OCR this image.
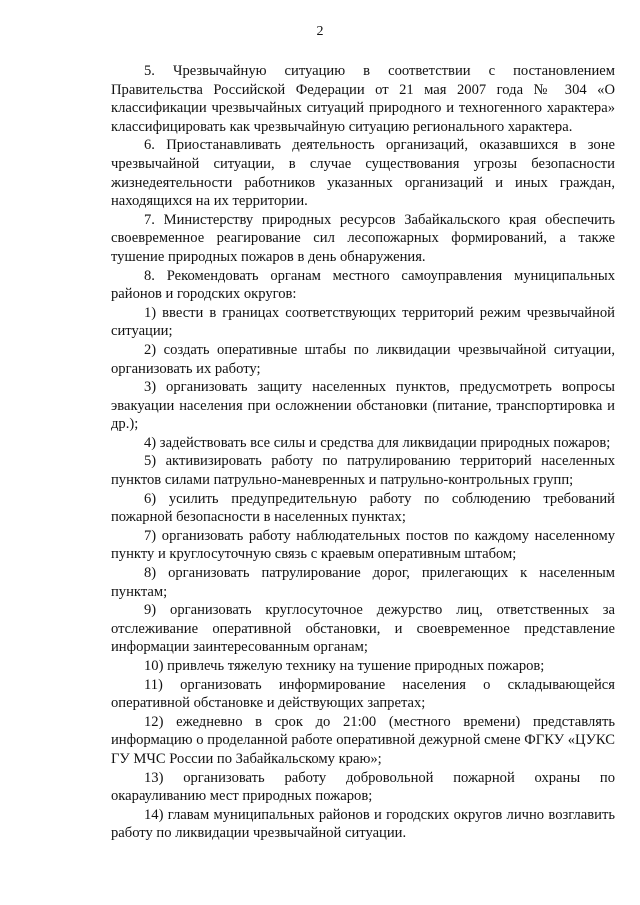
2

5. Чрезвычайную ситуацию в соответствии с постановлением Правительства Российской Федерации от 21 мая 2007 года № 304 «О классификации чрезвычайных ситуаций природного и техногенного характера» классифицировать как чрезвычайную ситуацию регионального характера.

6. Приостанавливать деятельность организаций, оказавшихся в зоне чрезвычайной ситуации, в случае существования угрозы безопасности жизнедеятельности работников указанных организаций и иных граждан, находящихся на их территории.

7. Министерству природных ресурсов Забайкальского края обеспечить своевременное реагирование сил лесопожарных формирований, а также тушение природных пожаров в день обнаружения.

8. Рекомендовать органам местного самоуправления муниципальных районов и городских округов:

1) ввести в границах соответствующих территорий режим чрезвычайной ситуации;

2) создать оперативные штабы по ликвидации чрезвычайной ситуации, организовать их работу;

3) организовать защиту населенных пунктов, предусмотреть вопросы эвакуации населения при осложнении обстановки (питание, транспортировка и др.);

4) задействовать все силы и средства для ликвидации природных пожаров;

5) активизировать работу по патрулированию территорий населенных пунктов силами патрульно-маневренных и патрульно-контрольных групп;

6) усилить предупредительную работу по соблюдению требований пожарной безопасности в населенных пунктах;

7) организовать работу наблюдательных постов по каждому населенному пункту и круглосуточную связь с краевым оперативным штабом;

8) организовать патрулирование дорог, прилегающих к населенным пунктам;

9) организовать круглосуточное дежурство лиц, ответственных за отслеживание оперативной обстановки, и своевременное представление информации заинтересованным органам;

10) привлечь тяжелую технику на тушение природных пожаров;

11) организовать информирование населения о складывающейся оперативной обстановке и действующих запретах;

12) ежедневно в срок до 21:00 (местного времени) представлять информацию о проделанной работе оперативной дежурной смене ФГКУ «ЦУКС ГУ МЧС России по Забайкальскому краю»;

13) организовать работу добровольной пожарной охраны по окарауливанию мест природных пожаров;

14) главам муниципальных районов и городских округов лично возглавить работу по ликвидации чрезвычайной ситуации.
